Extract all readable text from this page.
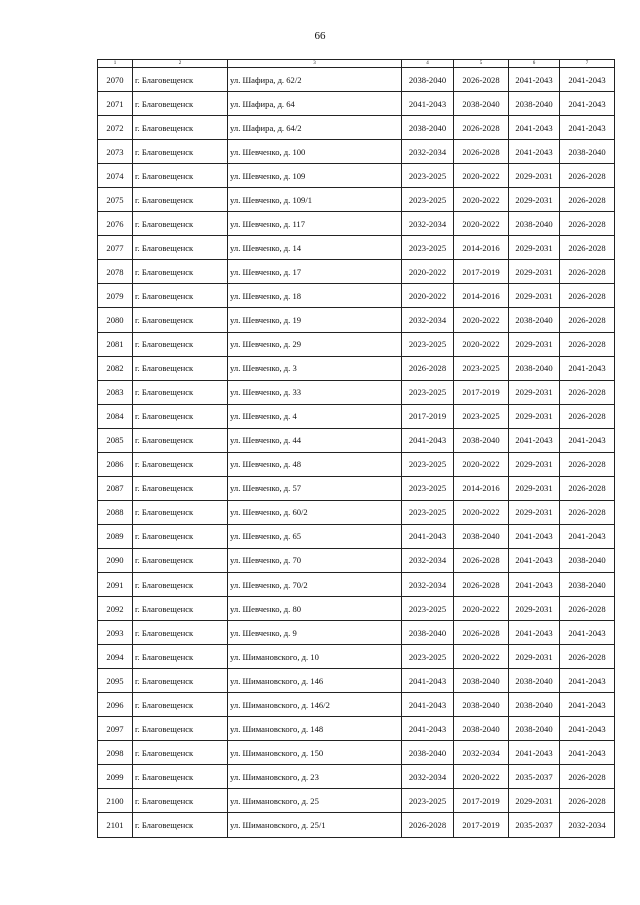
66
1	2	3	4	5	6	7
2070	г. Благовещенск	ул. Шафира, д. 62/2	2038-2040	2026-2028	2041-2043	2041-2043
2071	г. Благовещенск	ул. Шафира, д. 64	2041-2043	2038-2040	2038-2040	2041-2043
2072	г. Благовещенск	ул. Шафира, д. 64/2	2038-2040	2026-2028	2041-2043	2041-2043
2073	г. Благовещенск	ул. Шевченко, д. 100	2032-2034	2026-2028	2041-2043	2038-2040
2074	г. Благовещенск	ул. Шевченко, д. 109	2023-2025	2020-2022	2029-2031	2026-2028
2075	г. Благовещенск	ул. Шевченко, д. 109/1	2023-2025	2020-2022	2029-2031	2026-2028
2076	г. Благовещенск	ул. Шевченко, д. 117	2032-2034	2020-2022	2038-2040	2026-2028
2077	г. Благовещенск	ул. Шевченко, д. 14	2023-2025	2014-2016	2029-2031	2026-2028
2078	г. Благовещенск	ул. Шевченко, д. 17	2020-2022	2017-2019	2029-2031	2026-2028
2079	г. Благовещенск	ул. Шевченко, д. 18	2020-2022	2014-2016	2029-2031	2026-2028
2080	г. Благовещенск	ул. Шевченко, д. 19	2032-2034	2020-2022	2038-2040	2026-2028
2081	г. Благовещенск	ул. Шевченко, д. 29	2023-2025	2020-2022	2029-2031	2026-2028
2082	г. Благовещенск	ул. Шевченко, д. 3	2026-2028	2023-2025	2038-2040	2041-2043
2083	г. Благовещенск	ул. Шевченко, д. 33	2023-2025	2017-2019	2029-2031	2026-2028
2084	г. Благовещенск	ул. Шевченко, д. 4	2017-2019	2023-2025	2029-2031	2026-2028
2085	г. Благовещенск	ул. Шевченко, д. 44	2041-2043	2038-2040	2041-2043	2041-2043
2086	г. Благовещенск	ул. Шевченко, д. 48	2023-2025	2020-2022	2029-2031	2026-2028
2087	г. Благовещенск	ул. Шевченко, д. 57	2023-2025	2014-2016	2029-2031	2026-2028
2088	г. Благовещенск	ул. Шевченко, д. 60/2	2023-2025	2020-2022	2029-2031	2026-2028
2089	г. Благовещенск	ул. Шевченко, д. 65	2041-2043	2038-2040	2041-2043	2041-2043
2090	г. Благовещенск	ул. Шевченко, д. 70	2032-2034	2026-2028	2041-2043	2038-2040
2091	г. Благовещенск	ул. Шевченко, д. 70/2	2032-2034	2026-2028	2041-2043	2038-2040
2092	г. Благовещенск	ул. Шевченко, д. 80	2023-2025	2020-2022	2029-2031	2026-2028
2093	г. Благовещенск	ул. Шевченко, д. 9	2038-2040	2026-2028	2041-2043	2041-2043
2094	г. Благовещенск	ул. Шимановского, д. 10	2023-2025	2020-2022	2029-2031	2026-2028
2095	г. Благовещенск	ул. Шимановского, д. 146	2041-2043	2038-2040	2038-2040	2041-2043
2096	г. Благовещенск	ул. Шимановского, д. 146/2	2041-2043	2038-2040	2038-2040	2041-2043
2097	г. Благовещенск	ул. Шимановского, д. 148	2041-2043	2038-2040	2038-2040	2041-2043
2098	г. Благовещенск	ул. Шимановского, д. 150	2038-2040	2032-2034	2041-2043	2041-2043
2099	г. Благовещенск	ул. Шимановского, д. 23	2032-2034	2020-2022	2035-2037	2026-2028
2100	г. Благовещенск	ул. Шимановского, д. 25	2023-2025	2017-2019	2029-2031	2026-2028
2101	г. Благовещенск	ул. Шимановского, д. 25/1	2026-2028	2017-2019	2035-2037	2032-2034
